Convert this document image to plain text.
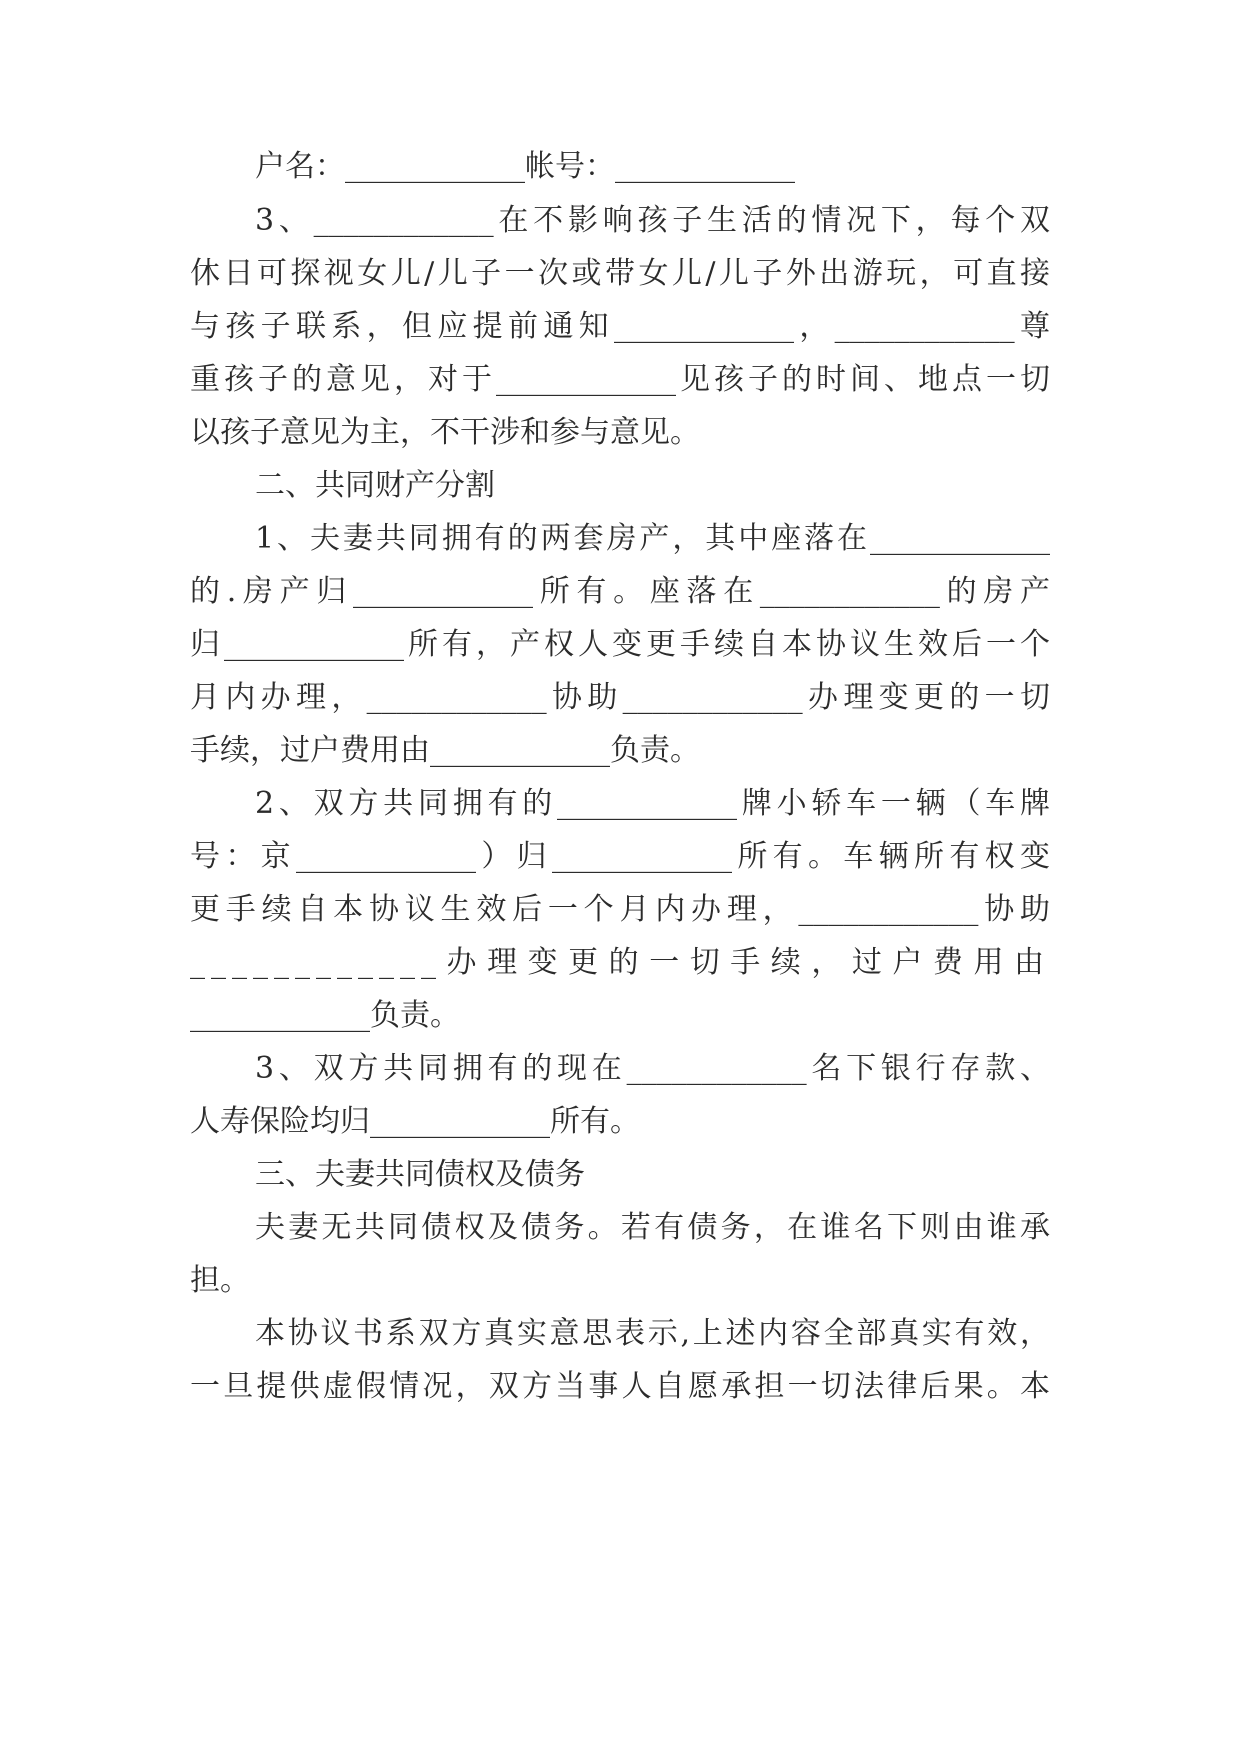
户名：____________帐号：____________
3、____________在不影响孩子生活的情况下，每个双
休日可探视女儿/儿子一次或带女儿/儿子外出游玩，可直接
与孩子联系，但应提前通知____________，____________尊
重孩子的意见，对于____________见孩子的时间、地点一切
以孩子意见为主，不干涉和参与意见。
二、共同财产分割
1、夫妻共同拥有的两套房产，其中座落在____________
的.房产归____________所有。座落在____________的房产
归____________所有，产权人变更手续自本协议生效后一个
月内办理，____________协助____________办理变更的一切
手续，过户费用由____________负责。
2、双方共同拥有的____________牌小轿车一辆（车牌
号：京____________）归____________所有。车辆所有权变
更手续自本协议生效后一个月内办理，____________协助
____________办理变更的一切手续，过户费用由
____________负责。
3、双方共同拥有的现在____________名下银行存款、
人寿保险均归____________所有。
三、夫妻共同债权及债务
夫妻无共同债权及债务。若有债务，在谁名下则由谁承
担。
本协议书系双方真实意思表示,上述内容全部真实有效，
一旦提供虚假情况，双方当事人自愿承担一切法律后果。本
